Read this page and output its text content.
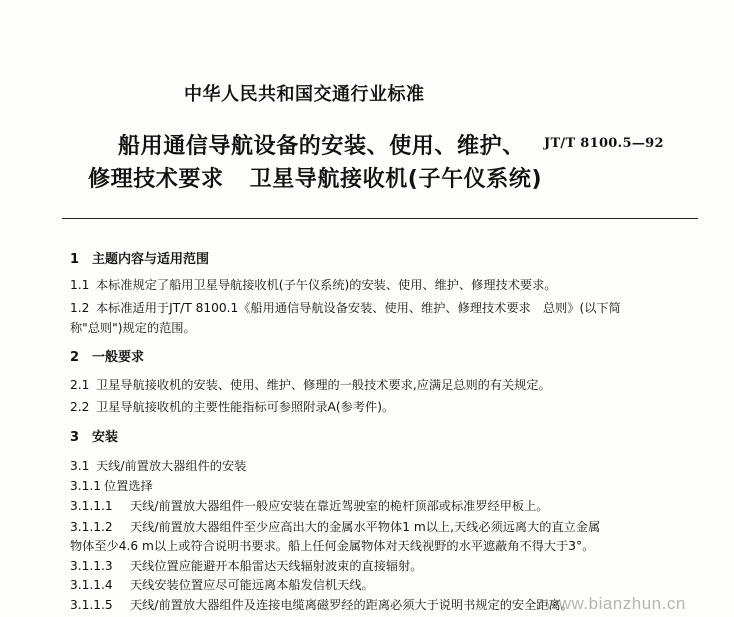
中华人民共和国交通行业标准
JT/T 8100.5—92
船用通信导航设备的安装、使用、维护、
修理技术要求 卫星导航接收机(子午仪系统)
1 主题内容与适用范围
1.1 本标准规定了船用卫星导航接收机(子午仪系统)的安装、使用、维护、修理技术要求。
1.2 本标准适用于JT/T 8100.1《船用通信导航设备安装、使用、维护、修理技术要求　总则》(以下简
称"总则")规定的范围。
2 一般要求
2.1 卫星导航接收机的安装、使用、维护、修理的一般技术要求,应满足总则的有关规定。
2.2 卫星导航接收机的主要性能指标可参照附录A(参考件)。
3 安装
3.1 天线/前置放大器组件的安装
3.1.1 位置选择
3.1.1.1 天线/前置放大器组件一般应安装在靠近驾驶室的桅杆顶部或标准罗经甲板上。
3.1.1.2 天线/前置放大器组件至少应高出大的金属水平物体1 m以上,天线必须远离大的直立金属
物体至少4.6 m以上或符合说明书要求。船上任何金属物体对天线视野的水平遮蔽角不得大于3°。
3.1.1.3 天线位置应能避开本船雷达天线辐射波束的直接辐射。
3.1.1.4 天线安装位置应尽可能远离本船发信机天线。
3.1.1.5 天线/前置放大器组件及连接电缆离磁罗经的距离必须大于说明书规定的安全距离。
www.bianzhun.cn
